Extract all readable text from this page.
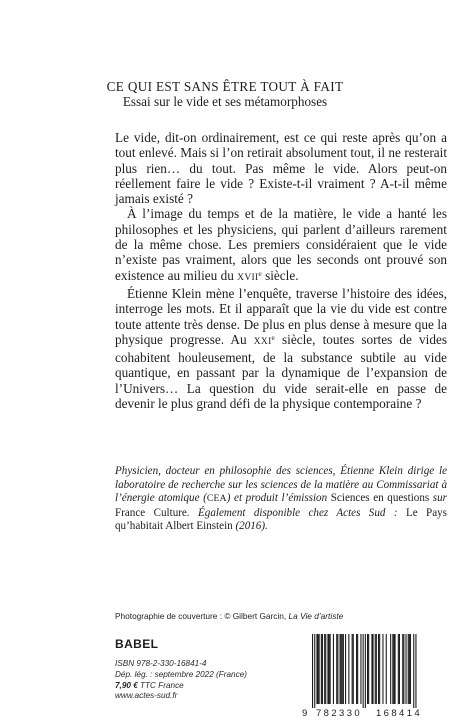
CE QUI EST SANS ÊTRE TOUT À FAIT
Essai sur le vide et ses métamorphoses

Le vide, dit-on ordinairement, est ce qui reste après qu’on a tout enlevé. Mais si l’on retirait absolument tout, il ne resterait plus rien… du tout. Pas même le vide. Alors peut-on réellement faire le vide ? Existe-t-il vraiment ? A-t-il même jamais existé ?

À l’image du temps et de la matière, le vide a hanté les philosophes et les physiciens, qui parlent d’ailleurs rarement de la même chose. Les premiers considéraient que le vide n’existe pas vraiment, alors que les seconds ont prouvé son existence au milieu du XVIIe siècle.

Étienne Klein mène l’enquête, traverse l’histoire des idées, interroge les mots. Et il apparaît que la vie du vide est contre toute attente très dense. De plus en plus dense à mesure que la physique progresse. Au XXIe siècle, toutes sortes de vides cohabitent houleusement, de la substance subtile au vide quantique, en passant par la dynamique de l’expansion de l’Univers… La question du vide serait-elle en passe de devenir le plus grand défi de la physique contemporaine ?

Physicien, docteur en philosophie des sciences, Étienne Klein dirige le laboratoire de recherche sur les sciences de la matière au Commissariat à l’énergie atomique (CEA) et produit l’émission Sciences en questions sur France Culture. Également disponible chez Actes Sud : Le Pays qu’habitait Albert Einstein (2016).
Photographie de couverture : © Gilbert Garcin, La Vie d’artiste
BABEL
ISBN 978-2-330-16841-4
Dép. lég. : septembre 2022 (France)
7,90 € TTC France
www.actes-sud.fr
9 782330 168414
